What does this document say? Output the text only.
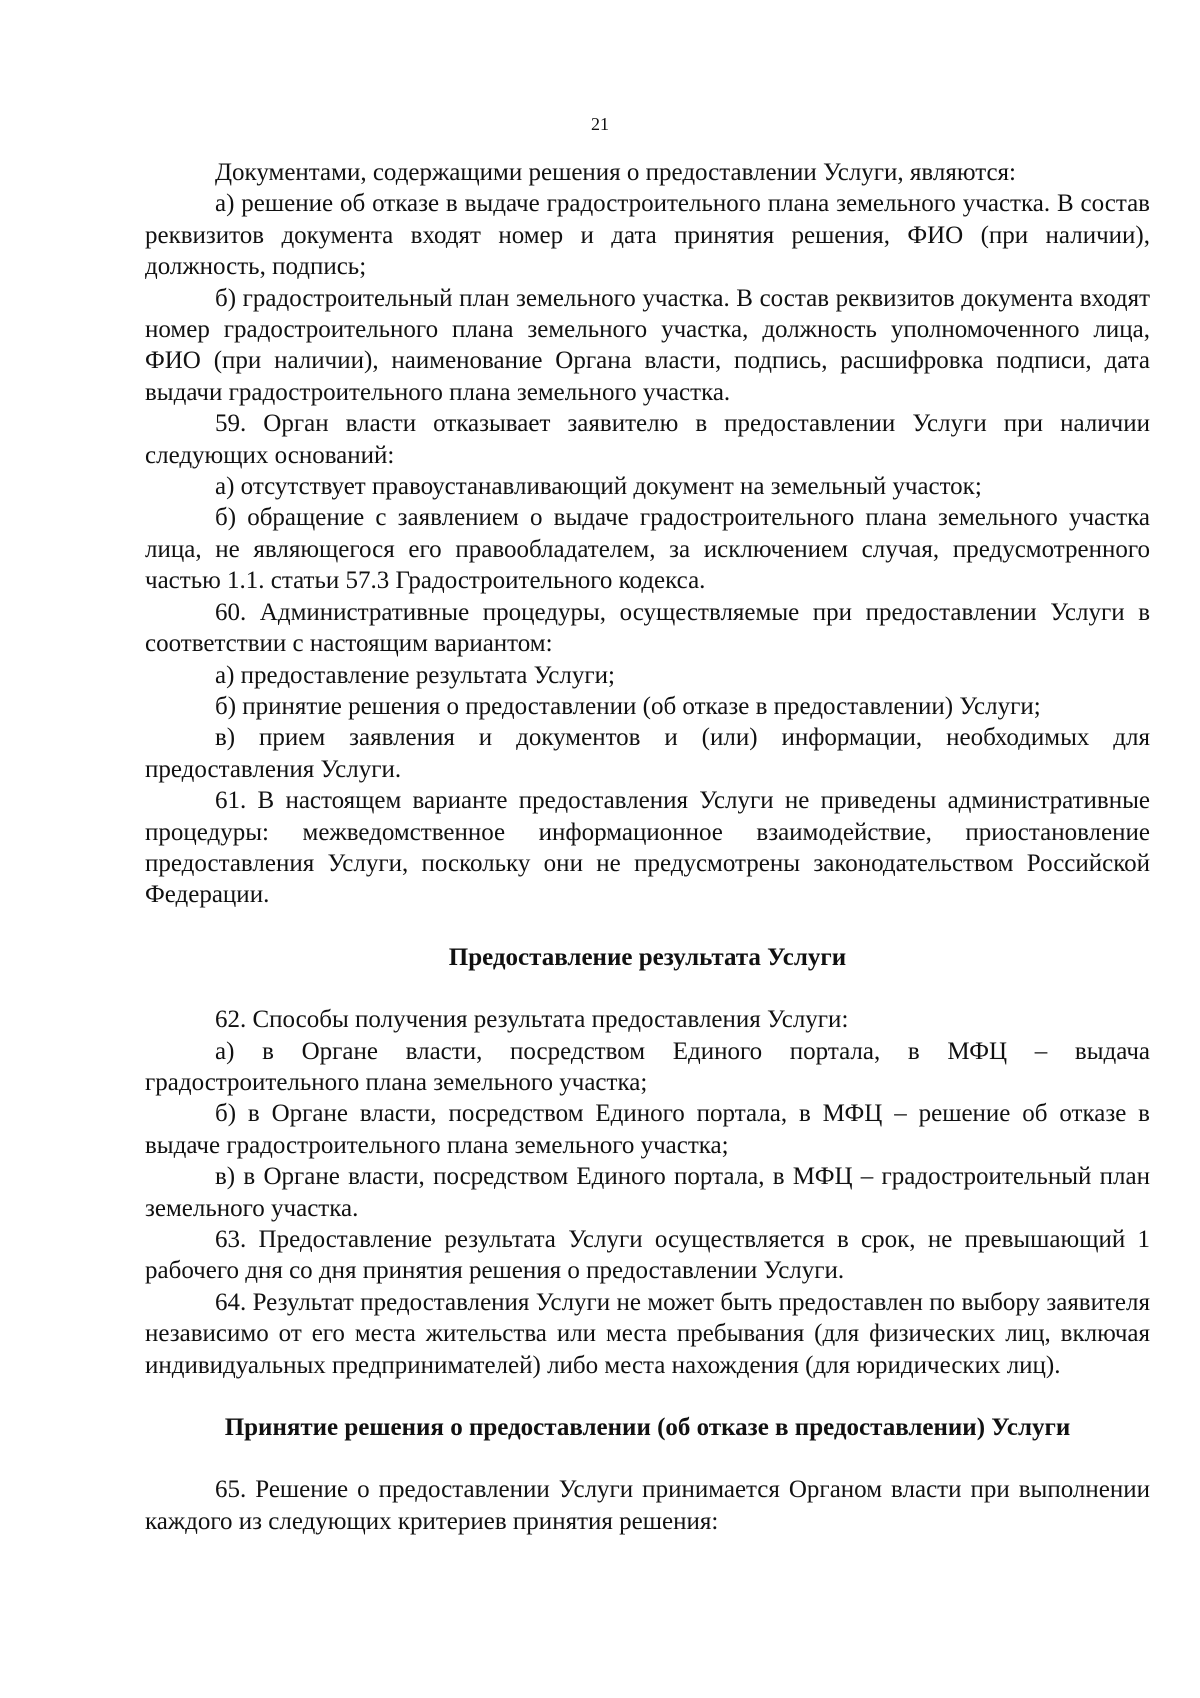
21

Документами, содержащими решения о предоставлении Услуги, являются:

а) решение об отказе в выдаче градостроительного плана земельного участка. В состав реквизитов документа входят номер и дата принятия решения, ФИО (при наличии), должность, подпись;

б) градостроительный план земельного участка. В состав реквизитов документа входят номер градостроительного плана земельного участка, должность уполномоченного лица, ФИО (при наличии), наименование Органа власти, подпись, расшифровка подписи, дата выдачи градостроительного плана земельного участка.

59. Орган власти отказывает заявителю в предоставлении Услуги при наличии следующих оснований:

а) отсутствует правоустанавливающий документ на земельный участок;

б) обращение с заявлением о выдаче градостроительного плана земельного участка лица, не являющегося его правообладателем, за исключением случая, предусмотренного частью 1.1. статьи 57.3 Градостроительного кодекса.

60. Административные процедуры, осуществляемые при предоставлении Услуги в соответствии с настоящим вариантом:

а) предоставление результата Услуги;

б) принятие решения о предоставлении (об отказе в предоставлении) Услуги;

в) прием заявления и документов и (или) информации, необходимых для предоставления Услуги.

61. В настоящем варианте предоставления Услуги не приведены административные процедуры: межведомственное информационное взаимодействие, приостановление предоставления Услуги, поскольку они не предусмотрены законодательством Российской Федерации.

Предоставление результата Услуги

62. Способы получения результата предоставления Услуги:

а) в Органе власти, посредством Единого портала, в МФЦ – выдача градостроительного плана земельного участка;

б) в Органе власти, посредством Единого портала, в МФЦ – решение об отказе в выдаче градостроительного плана земельного участка;

в) в Органе власти, посредством Единого портала, в МФЦ – градостроительный план земельного участка.

63. Предоставление результата Услуги осуществляется в срок, не превышающий 1 рабочего дня со дня принятия решения о предоставлении Услуги.

64. Результат предоставления Услуги не может быть предоставлен по выбору заявителя независимо от его места жительства или места пребывания (для физических лиц, включая индивидуальных предпринимателей) либо места нахождения (для юридических лиц).

Принятие решения о предоставлении (об отказе в предоставлении) Услуги

65. Решение о предоставлении Услуги принимается Органом власти при выполнении каждого из следующих критериев принятия решения:
